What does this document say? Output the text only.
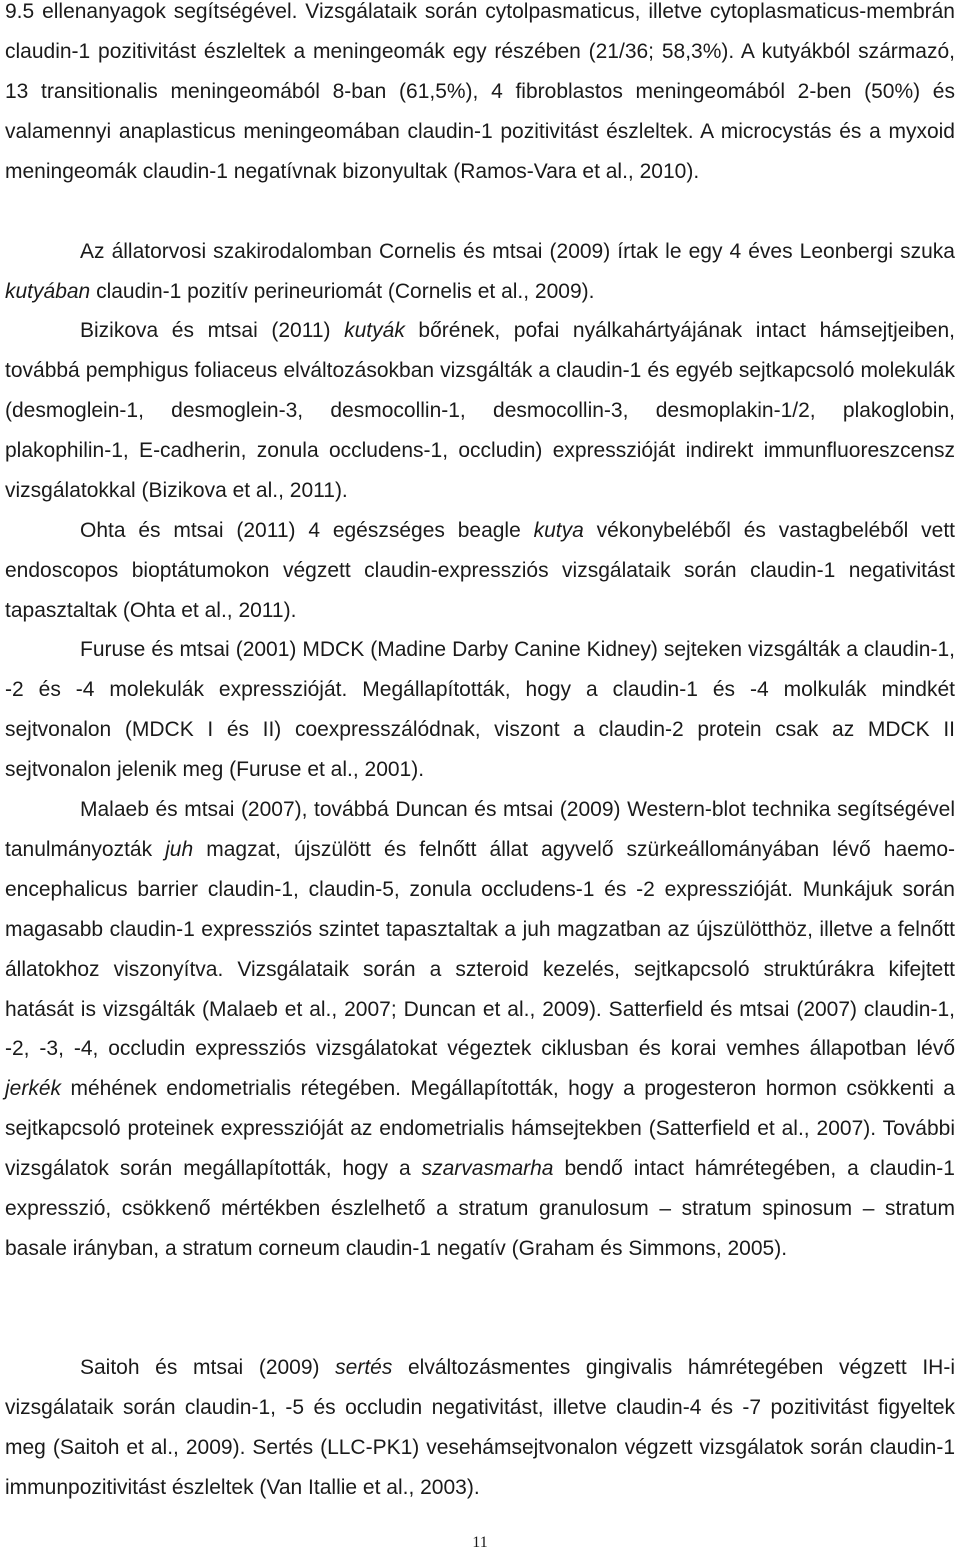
9.5 ellenanyagok segítségével. Vizsgálataik során cytolpasmaticus, illetve cytoplasmaticus-membrán claudin-1 pozitivitást észleltek a meningeomák egy részében (21/36; 58,3%). A kutyákból származó, 13 transitionalis meningeomából 8-ban (61,5%), 4 fibroblastos meningeomából 2-ben (50%) és valamennyi anaplasticus meningeomában claudin-1 pozitivitást észleltek. A microcystás és a myxoid meningeomák claudin-1 negatívnak bizonyultak (Ramos-Vara et al., 2010).

Az állatorvosi szakirodalomban Cornelis és mtsai (2009) írtak le egy 4 éves Leonbergi szuka kutyában claudin-1 pozitív perineuriomát (Cornelis et al., 2009).

Bizikova és mtsai (2011) kutyák bőrének, pofai nyálkahártyájának intact hámsejtjeiben, továbbá pemphigus foliaceus elváltozásokban vizsgálták a claudin-1 és egyéb sejtkapcsoló molekulák (desmoglein-1, desmoglein-3, desmocollin-1, desmocollin-3, desmoplakin-1/2, plakoglobin, plakophilin-1, E-cadherin, zonula occludens-1, occludin) expresszióját indirekt immunfluoreszcensz vizsgálatokkal (Bizikova et al., 2011).

Ohta és mtsai (2011) 4 egészséges beagle kutya vékonybeléből és vastagbeléből vett endoscopos bioptátumokon végzett claudin-expressziós vizsgálataik során claudin-1 negativitást tapasztaltak (Ohta et al., 2011).

Furuse és mtsai (2001) MDCK (Madine Darby Canine Kidney) sejteken vizsgálták a claudin-1, -2 és -4 molekulák expresszióját. Megállapították, hogy a claudin-1 és -4 molkulák mindkét sejtvonalon (MDCK I és II) coexpresszálódnak, viszont a claudin-2 protein csak az MDCK II sejtvonalon jelenik meg (Furuse et al., 2001).

Malaeb és mtsai (2007), továbbá Duncan és mtsai (2009) Western-blot technika segítségével tanulmányozták juh magzat, újszülött és felnőtt állat agyvelő szürkeállományában lévő haemo-encephalicus barrier claudin-1, claudin-5, zonula occludens-1 és -2 expresszióját. Munkájuk során magasabb claudin-1 expressziós szintet tapasztaltak a juh magzatban az újszülötthöz, illetve a felnőtt állatokhoz viszonyítva. Vizsgálataik során a szteroid kezelés, sejtkapcsoló struktúrákra kifejtett hatását is vizsgálták (Malaeb et al., 2007; Duncan et al., 2009). Satterfield és mtsai (2007) claudin-1, -2, -3, -4, occludin expressziós vizsgálatokat végeztek ciklusban és korai vemhes állapotban lévő jerkék méhének endometrialis rétegében. Megállapították, hogy a progesteron hormon csökkenti a sejtkapcsoló proteinek expresszióját az endometrialis hámsejtekben (Satterfield et al., 2007). További vizsgálatok során megállapították, hogy a szarvasmarha bendő intact hámrétegében, a claudin-1 expresszió, csökkenő mértékben észlelhető a stratum granulosum – stratum spinosum – stratum basale irányban, a stratum corneum claudin-1 negatív (Graham és Simmons, 2005).

Saitoh és mtsai (2009) sertés elváltozásmentes gingivalis hámrétegében végzett IH-i vizsgálataik során claudin-1, -5 és occludin negativitást, illetve claudin-4 és -7 pozitivitást figyeltek meg (Saitoh et al., 2009). Sertés (LLC-PK1) vesehámsejtvonalon végzett vizsgálatok során claudin-1 immunpozitivitást észleltek (Van Itallie et al., 2003).

11
